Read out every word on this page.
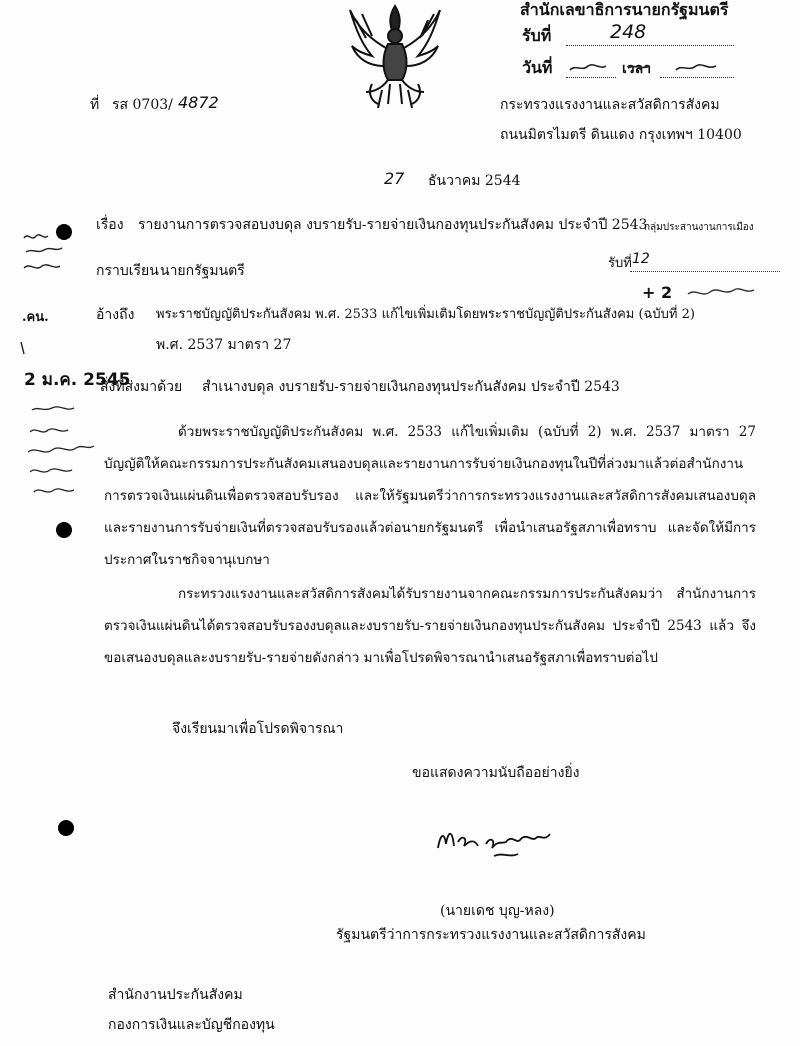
สำนักเลขาธิการนายกรัฐมนตรี
รับที่	248
วันที่	เวลา
ที่ รส 0703/ 4872	กระทรวงแรงงานและสวัสดิการสังคม
ถนนมิตรไมตรี ดินแดง กรุงเทพฯ 10400
27 ธันวาคม 2544
เรื่อง รายงานการตรวจสอบงบดุล งบรายรับ-รายจ่ายเงินกองทุนประกันสังคม ประจำปี 2543
กลุ่มประสานงานการเมือง
รับที่ 12
+ 2
กราบเรียน นายกรัฐมนตรี
อ้างถึง พระราชบัญญัติประกันสังคม พ.ศ. 2533 แก้ไขเพิ่มเติมโดยพระราชบัญญัติประกันสังคม (ฉบับที่ 2)
พ.ศ. 2537 มาตรา 27
สิ่งที่ส่งมาด้วย สำเนางบดุล งบรายรับ-รายจ่ายเงินกองทุนประกันสังคม ประจำปี 2543
ด้วยพระราชบัญญัติประกันสังคม พ.ศ. 2533 แก้ไขเพิ่มเติม (ฉบับที่ 2) พ.ศ. 2537 มาตรา 27 บัญญัติให้คณะกรรมการประกันสังคมเสนองบดุลและรายงานการรับจ่ายเงินกองทุนในปีที่ล่วงมาแล้วต่อสำนักงานการตรวจเงินแผ่นดินเพื่อตรวจสอบรับรอง และให้รัฐมนตรีว่าการกระทรวงแรงงานและสวัสดิการสังคมเสนองบดุลและรายงานการรับจ่ายเงินที่ตรวจสอบรับรองแล้วต่อนายกรัฐมนตรี เพื่อนำเสนอรัฐสภาเพื่อทราบ และจัดให้มีการประกาศในราชกิจจานุเบกษา
กระทรวงแรงงานและสวัสดิการสังคมได้รับรายงานจากคณะกรรมการประกันสังคมว่า สำนักงานการตรวจเงินแผ่นดินได้ตรวจสอบรับรองงบดุลและงบรายรับ-รายจ่ายเงินกองทุนประกันสังคม ประจำปี 2543 แล้ว จึงขอเสนองบดุลและงบรายรับ-รายจ่ายดังกล่าว มาเพื่อโปรดพิจารณานำเสนอรัฐสภาเพื่อทราบต่อไป
จึงเรียนมาเพื่อโปรดพิจารณา
ขอแสดงความนับถืออย่างยิ่ง
(นายเดช บุญ-หลง)
รัฐมนตรีว่าการกระทรวงแรงงานและสวัสดิการสังคม
สำนักงานประกันสังคม
กองการเงินและบัญชีกองทุน
.คน.
2 ม.ค. 2545
